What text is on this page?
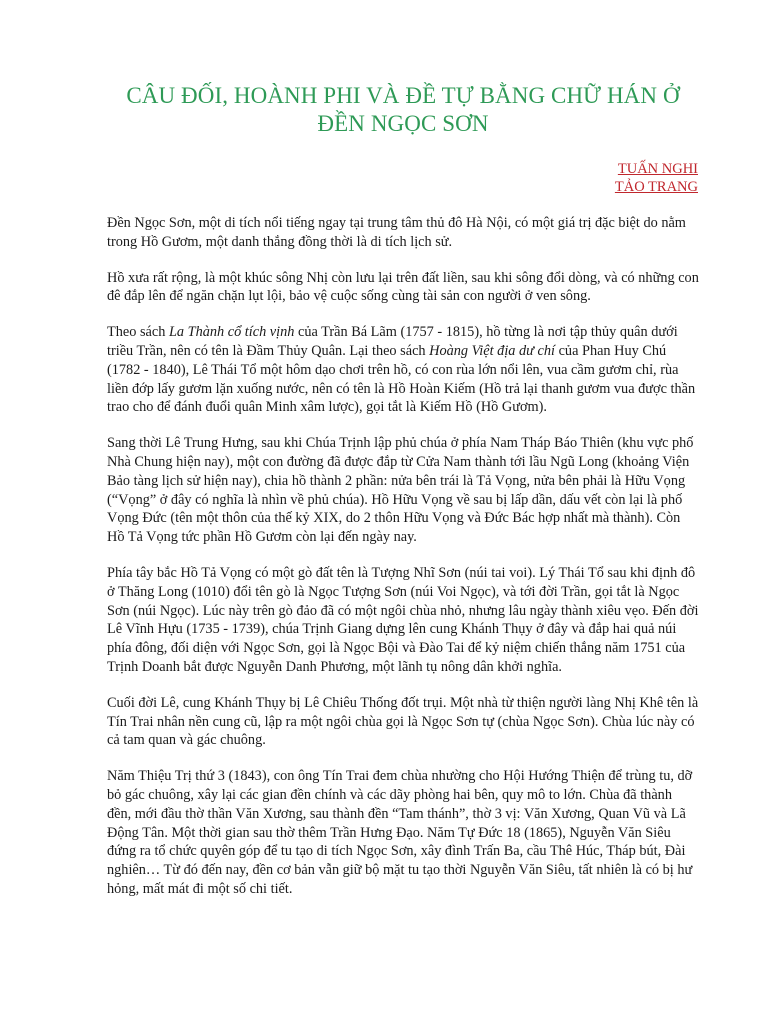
CÂU ĐỐI, HOÀNH PHI VÀ ĐỀ TỰ BẰNG CHỮ HÁN Ở
ĐỀN NGỌC SƠN
TUẤN NGHI
TẢO TRANG

Đền Ngọc Sơn, một di tích nổi tiếng ngay tại trung tâm thủ đô Hà Nội, có một giá trị đặc biệt do nằm trong Hồ Gươm, một danh thắng đồng thời là di tích lịch sử.

Hồ xưa rất rộng, là một khúc sông Nhị còn lưu lại trên đất liền, sau khi sông đổi dòng, và có những con đê đắp lên để ngăn chặn lụt lội, bảo vệ cuộc sống cùng tài sản con người ở ven sông.

Theo sách La Thành cổ tích vịnh của Trần Bá Lãm (1757 - 1815), hồ từng là nơi tập thủy quân dưới triều Trần, nên có tên là Đầm Thủy Quân. Lại theo sách Hoàng Việt địa dư chí của Phan Huy Chú (1782 - 1840), Lê Thái Tổ một hôm dạo chơi trên hồ, có con rùa lớn nổi lên, vua cầm gươm chỉ, rùa liền đớp lấy gươm lặn xuống nước, nên có tên là Hồ Hoàn Kiếm (Hồ trả lại thanh gươm vua được thần trao cho để đánh đuổi quân Minh xâm lược), gọi tắt là Kiếm Hồ (Hồ Gươm).

Sang thời Lê Trung Hưng, sau khi Chúa Trịnh lập phủ chúa ở phía Nam Tháp Báo Thiên (khu vực phố Nhà Chung hiện nay), một con đường đã được đắp từ Cửa Nam thành tới lầu Ngũ Long (khoảng Viện Bảo tàng lịch sử hiện nay), chia hồ thành 2 phần: nửa bên trái là Tả Vọng, nửa bên phải là Hữu Vọng (“Vọng” ở đây có nghĩa là nhìn về phủ chúa). Hồ Hữu Vọng về sau bị lấp dần, dấu vết còn lại là phố Vọng Đức (tên một thôn của thế kỷ XIX, do 2 thôn Hữu Vọng và Đức Bác hợp nhất mà thành). Còn Hồ Tả Vọng tức phần Hồ Gươm còn lại đến ngày nay.

Phía tây bắc Hồ Tả Vọng có một gò đất tên là Tượng Nhĩ Sơn (núi tai voi). Lý Thái Tổ sau khi định đô ở Thăng Long (1010) đổi tên gò là Ngọc Tượng Sơn (núi Voi Ngọc), và tới đời Trần, gọi tắt là Ngọc Sơn (núi Ngọc). Lúc này trên gò đảo đã có một ngôi chùa nhỏ, nhưng lâu ngày thành xiêu vẹo. Đến đời Lê Vĩnh Hựu (1735 - 1739), chúa Trịnh Giang dựng lên cung Khánh Thụy ở đây và đắp hai quả núi phía đông, đối diện với Ngọc Sơn, gọi là Ngọc Bội và Đào Tai để kỷ niệm chiến thắng năm 1751 của Trịnh Doanh bắt được Nguyễn Danh Phương, một lãnh tụ nông dân khởi nghĩa.

Cuối đời Lê, cung Khánh Thụy bị Lê Chiêu Thống đốt trụi. Một nhà từ thiện người làng Nhị Khê tên là Tín Trai nhân nền cung cũ, lập ra một ngôi chùa gọi là Ngọc Sơn tự (chùa Ngọc Sơn). Chùa lúc này có cả tam quan và gác chuông.

Năm Thiệu Trị thứ 3 (1843), con ông Tín Trai đem chùa nhường cho Hội Hướng Thiện để trùng tu, dỡ bỏ gác chuông, xây lại các gian đền chính và các dãy phòng hai bên, quy mô to lớn. Chùa đã thành đền, mới đầu thờ thần Văn Xương, sau thành đền “Tam thánh”, thờ 3 vị: Văn Xương, Quan Vũ và Lã Động Tân. Một thời gian sau thờ thêm Trần Hưng Đạo. Năm Tự Đức 18 (1865), Nguyễn Văn Siêu đứng ra tổ chức quyên góp để tu tạo di tích Ngọc Sơn, xây đình Trấn Ba, cầu Thê Húc, Tháp bút, Đài nghiên… Từ đó đến nay, đền cơ bản vẫn giữ bộ mặt tu tạo thời Nguyễn Văn Siêu, tất nhiên là có bị hư hỏng, mất mát đi một số chi tiết.
